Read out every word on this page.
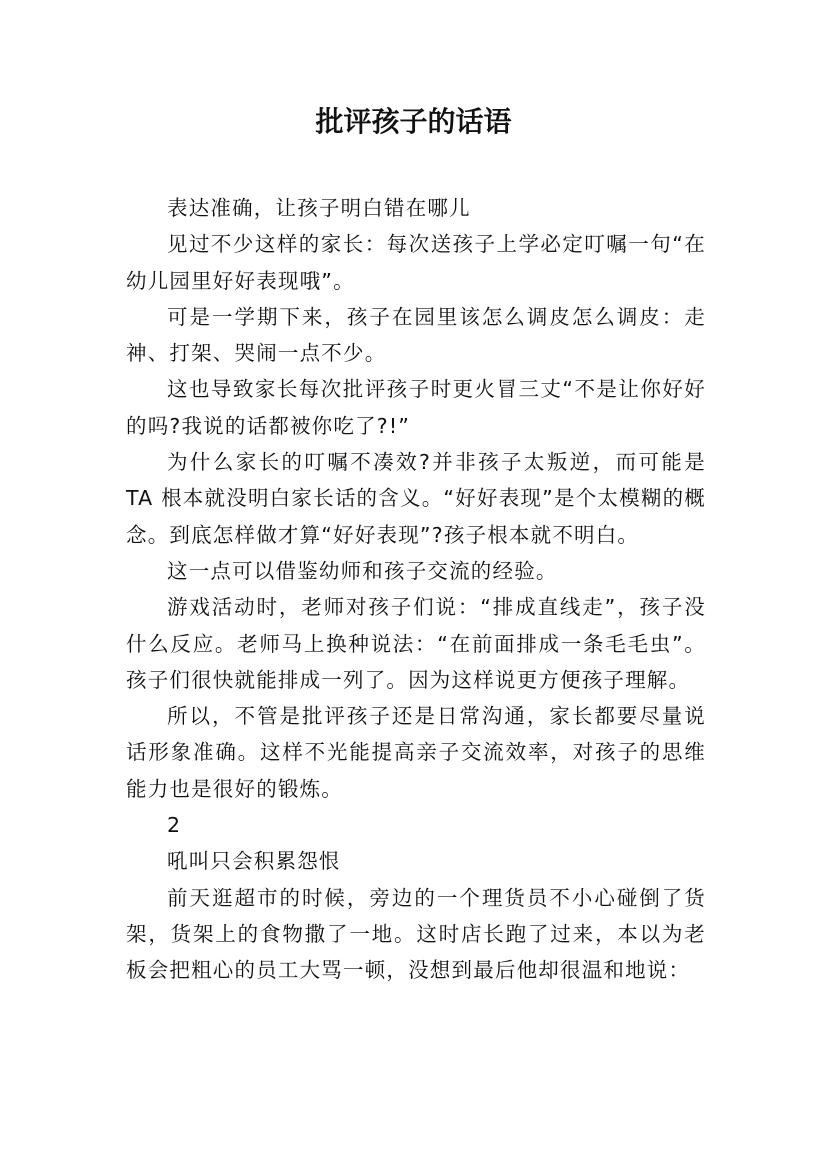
批评孩子的话语

表达准确，让孩子明白错在哪儿

见过不少这样的家长：每次送孩子上学必定叮嘱一句“在幼儿园里好好表现哦”。

可是一学期下来，孩子在园里该怎么调皮怎么调皮：走神、打架、哭闹一点不少。

这也导致家长每次批评孩子时更火冒三丈“不是让你好好的吗?我说的话都被你吃了?!”

为什么家长的叮嘱不凑效?并非孩子太叛逆，而可能是 TA 根本就没明白家长话的含义。“好好表现”是个太模糊的概念。到底怎样做才算“好好表现”?孩子根本就不明白。

这一点可以借鉴幼师和孩子交流的经验。

游戏活动时，老师对孩子们说：“排成直线走”，孩子没什么反应。老师马上换种说法：“在前面排成一条毛毛虫”。孩子们很快就能排成一列了。因为这样说更方便孩子理解。

所以，不管是批评孩子还是日常沟通，家长都要尽量说话形象准确。这样不光能提高亲子交流效率，对孩子的思维能力也是很好的锻炼。

2

吼叫只会积累怨恨

前天逛超市的时候，旁边的一个理货员不小心碰倒了货架，货架上的食物撒了一地。这时店长跑了过来，本以为老板会把粗心的员工大骂一顿，没想到最后他却很温和地说：
